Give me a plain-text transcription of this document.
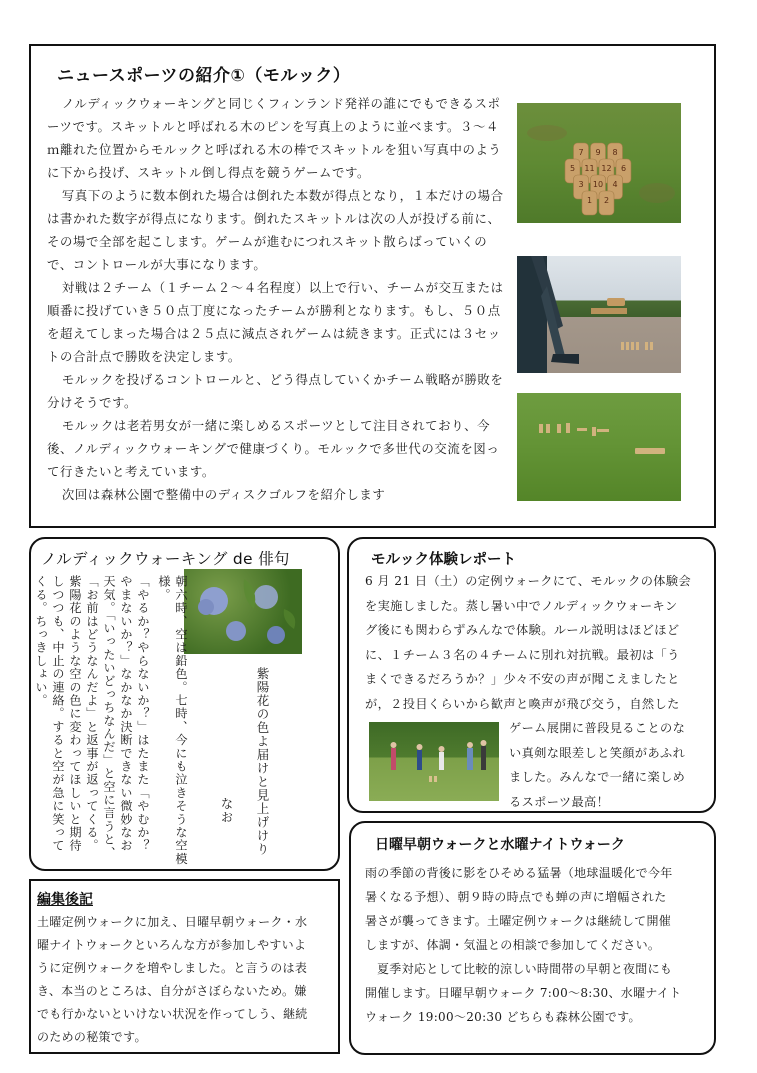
ニュースポーツの紹介①（モルック）

ノルディックウォーキングと同じくフィンランド発祥の誰にでもできるスポーツです。スキットルと呼ばれる木のピンを写真上のように並べます。３～４ｍ離れた位置からモルックと呼ばれる木の棒でスキットルを狙い写真中のように下から投げ、スキットル倒し得点を競うゲームです。

写真下のように数本倒れた場合は倒れた本数が得点となり，１本だけの場合は書かれた数字が得点になります。倒れたスキットルは次の人が投げる前に、その場で全部を起こします。ゲームが進むにつれスキット散らばっていくので、コントロールが大事になります。

対戦は２チーム（１チーム２～４名程度）以上で行い、チームが交互または順番に投げていき５０点丁度になったチームが勝利となります。もし、５０点を超えてしまった場合は２５点に減点されゲームは続きます。正式には３セットの合計点で勝敗を決定します。

モルックを投げるコントロールと、どう得点していくかチーム戦略が勝敗を分けそうです。

モルックは老若男女が一緒に楽しめるスポーツとして注目されており、今後、ノルディックウォーキングで健康づくり。モルックで多世代の交流を図って行きたいと考えています。

次回は森林公園で整備中のディスクゴルフを紹介します

7 9 8
5 11 12 6
3 10 4
1 2
ノルディックウォーキング de 俳句
紫陽花の色よ届けと見上げけり
なお
朝六時、空は鉛色。七時、今にも泣きそうな空模様。
「やるか？やらないか？」はたまた「やむか？やまないか？」なかなか決断できない微妙なお天気。「いったいどっちなんだ」と空に言うと、「お前はどうなんだよ」と返事が返ってくる。紫陽花のような空の色に変わってほしいと期待しつつも、中止の連絡。すると空が急に笑ってくる。ちっきしょい。
モルック体験レポート

6 月 21 日（土）の定例ウォークにて、モルックの体験会

を実施しました。蒸し暑い中でノルディックウォーキン

グ後にも関わらずみんなで体験。ルール説明はほどほど

に、１チーム３名の４チームに別れ対抗戦。最初は「う

まくできるだろうか？」少々不安の声が聞こえましたと

が，２投目くらいから歓声と喚声が飛び交う，自然した

ゲーム展開に普段見ることのな

い真剣な眼差しと笑顔があふれ

ました。みんなで一緒に楽しめ

るスポーツ最高！

日曜早朝ウォークと水曜ナイトウォーク

雨の季節の背後に影をひそめる猛暑（地球温暖化で今年

暑くなる予想）、朝９時の時点でも蝉の声に増幅された

暑さが襲ってきます。土曜定例ウォークは継続して開催

しますが、体調・気温との相談で参加してください。

夏季対応として比較的涼しい時間帯の早朝と夜間にも

開催します。日曜早朝ウォーク 7:00～8:30、水曜ナイト

ウォーク 19:00～20:30 どちらも森林公園です。

編集後記

土曜定例ウォークに加え、日曜早朝ウォーク・水

曜ナイトウォークといろんな方が参加しやすいよ

うに定例ウォークを増やしました。と言うのは表

き、本当のところは、自分がさぼらないため。嫌

でも行かないといけない状況を作ってしう、継続

のための秘策です。
